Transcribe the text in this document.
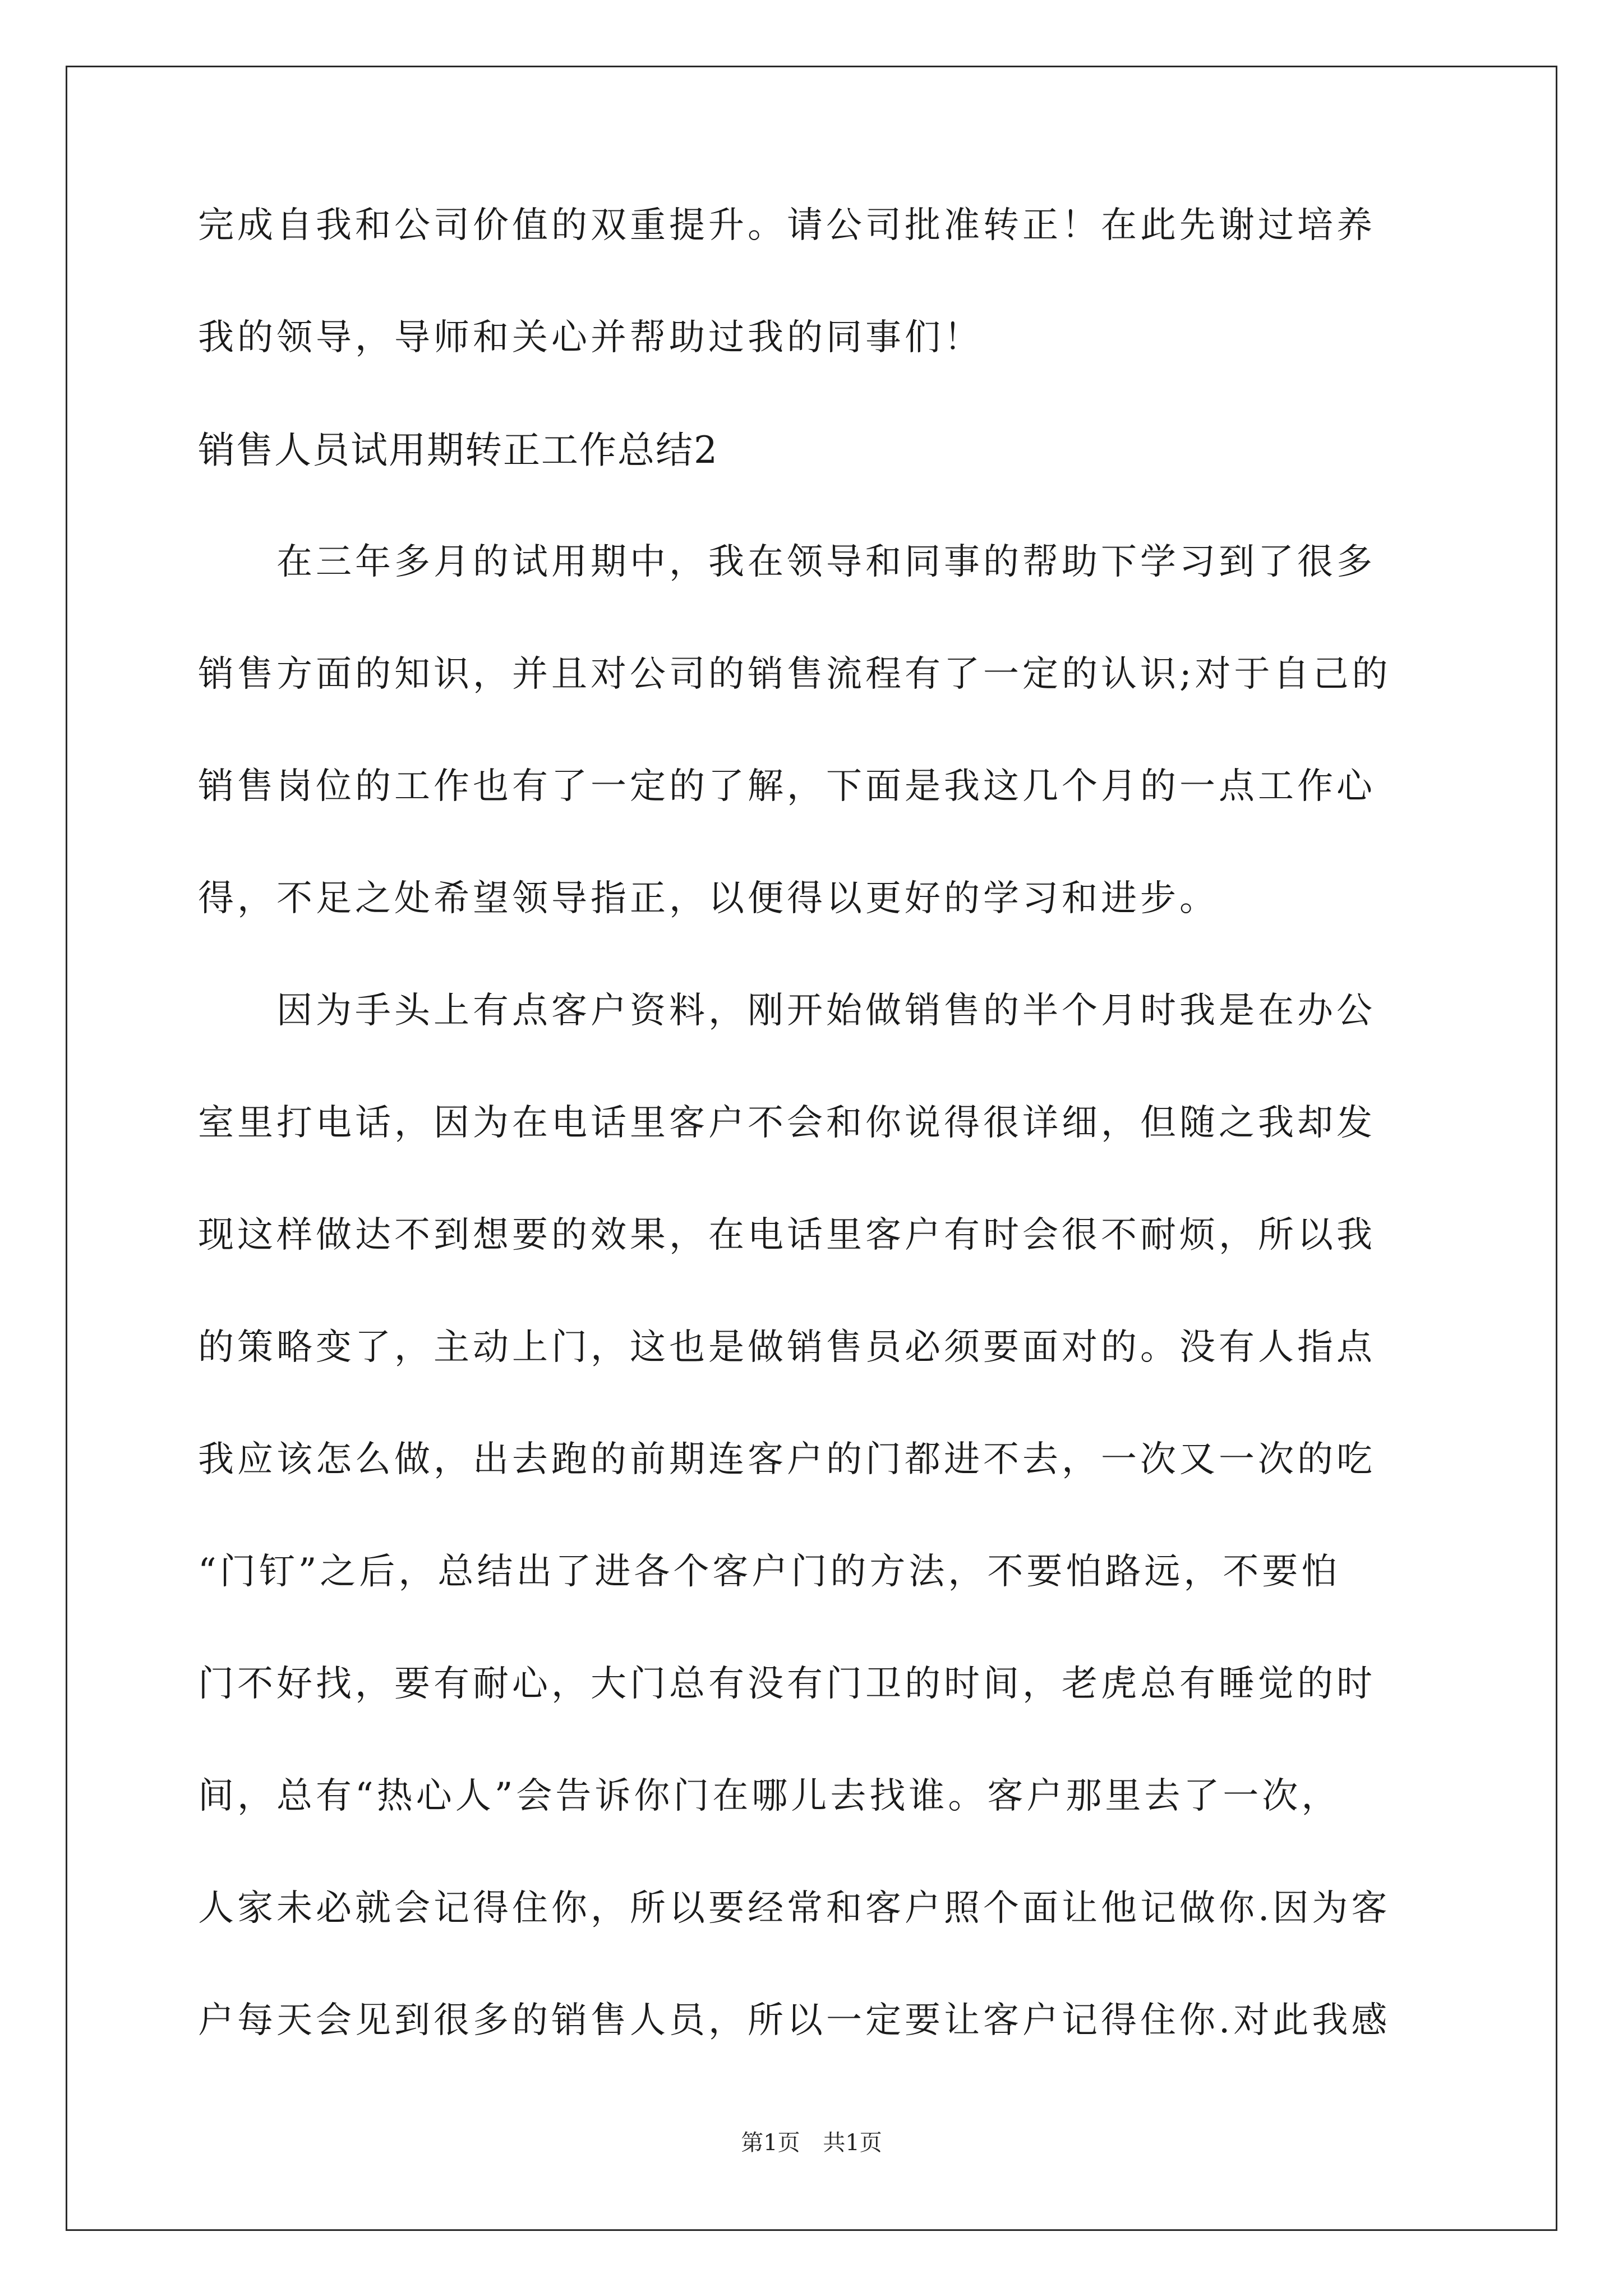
完成自我和公司价值的双重提升。请公司批准转正！在此先谢过培养

我的领导，导师和关心并帮助过我的同事们！

销售人员试用期转正工作总结2

　　在三年多月的试用期中，我在领导和同事的帮助下学习到了很多

销售方面的知识，并且对公司的销售流程有了一定的认识;对于自己的

销售岗位的工作也有了一定的了解，下面是我这几个月的一点工作心

得，不足之处希望领导指正，以便得以更好的学习和进步。

　　因为手头上有点客户资料，刚开始做销售的半个月时我是在办公

室里打电话，因为在电话里客户不会和你说得很详细，但随之我却发

现这样做达不到想要的效果，在电话里客户有时会很不耐烦，所以我

的策略变了，主动上门，这也是做销售员必须要面对的。没有人指点

我应该怎么做，出去跑的前期连客户的门都进不去，一次又一次的吃

“门钉”之后，总结出了进各个客户门的方法，不要怕路远，不要怕

门不好找，要有耐心，大门总有没有门卫的时间，老虎总有睡觉的时

间，总有“热心人”会告诉你门在哪儿去找谁。客户那里去了一次，

人家未必就会记得住你，所以要经常和客户照个面让他记做你.因为客

户每天会见到很多的销售人员，所以一定要让客户记得住你.对此我感

第1页 共1页
